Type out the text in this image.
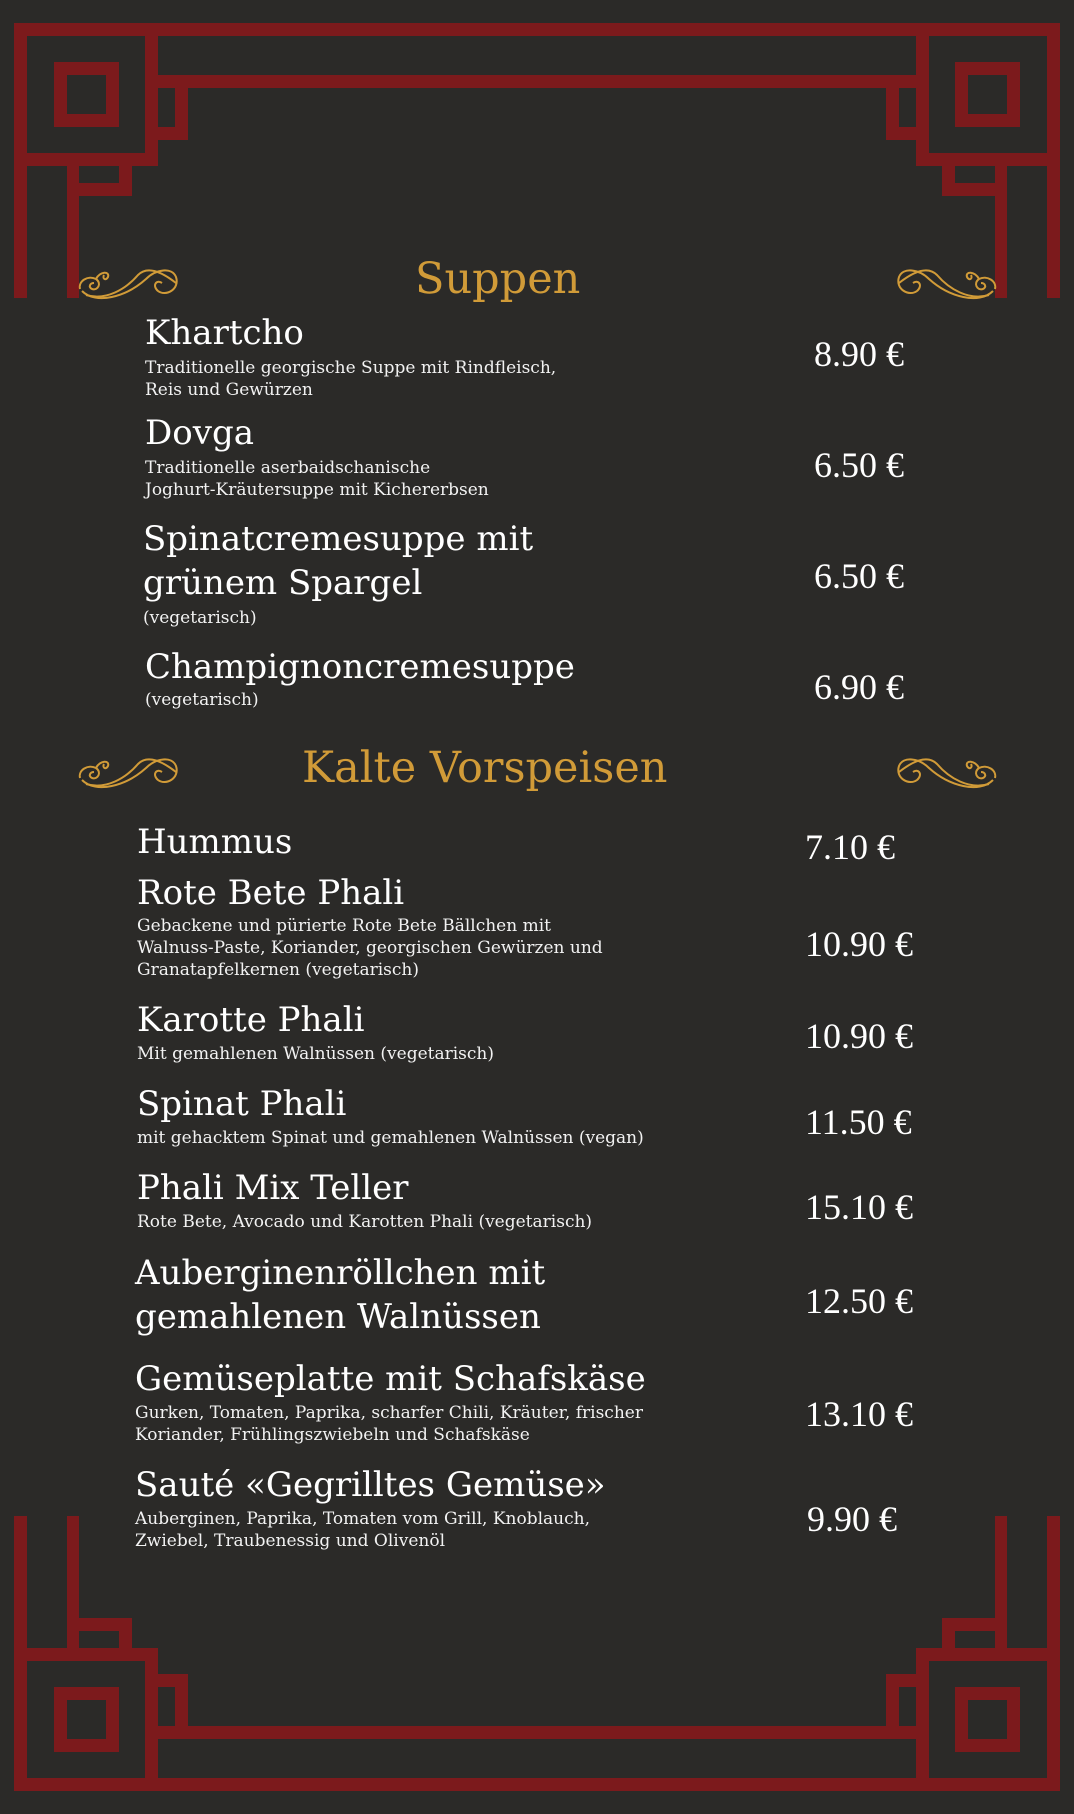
Suppen
Khartcho
Traditionelle georgische Suppe mit Rindfleisch,
Reis und Gewürzen
8.90 €
Dovga
Traditionelle aserbaidschanische
Joghurt-Kräutersuppe mit Kichererbsen
6.50 €
Spinatcremesuppe mit
grünem Spargel
(vegetarisch)
6.50 €
Champignoncremesuppe
(vegetarisch)	6.90 €
Kalte Vorspeisen
Hummus	7.10 €
Rote Bete Phali
Gebackene und pürierte Rote Bete Bällchen mit
Walnuss-Paste, Koriander, georgischen Gewürzen und
Granatapfelkernen (vegetarisch)
10.90 €
Karotte Phali
Mit gemahlenen Walnüssen (vegetarisch)	10.90 €
Spinat Phali
mit gehacktem Spinat und gemahlenen Walnüssen (vegan)	11.50 €
Phali Mix Teller
Rote Bete, Avocado und Karotten Phali (vegetarisch)	15.10 €
Auberginenröllchen mit
gemahlenen Walnüssen	12.50 €
Gemüseplatte mit Schafskäse
Gurken, Tomaten, Paprika, scharfer Chili, Kräuter, frischer
Koriander, Frühlingszwiebeln und Schafskäse
13.10 €
Sauté «Gegrilltes Gemüse»
Auberginen, Paprika, Tomaten vom Grill, Knoblauch,
Zwiebel, Traubenessig und Olivenöl
9.90 €
